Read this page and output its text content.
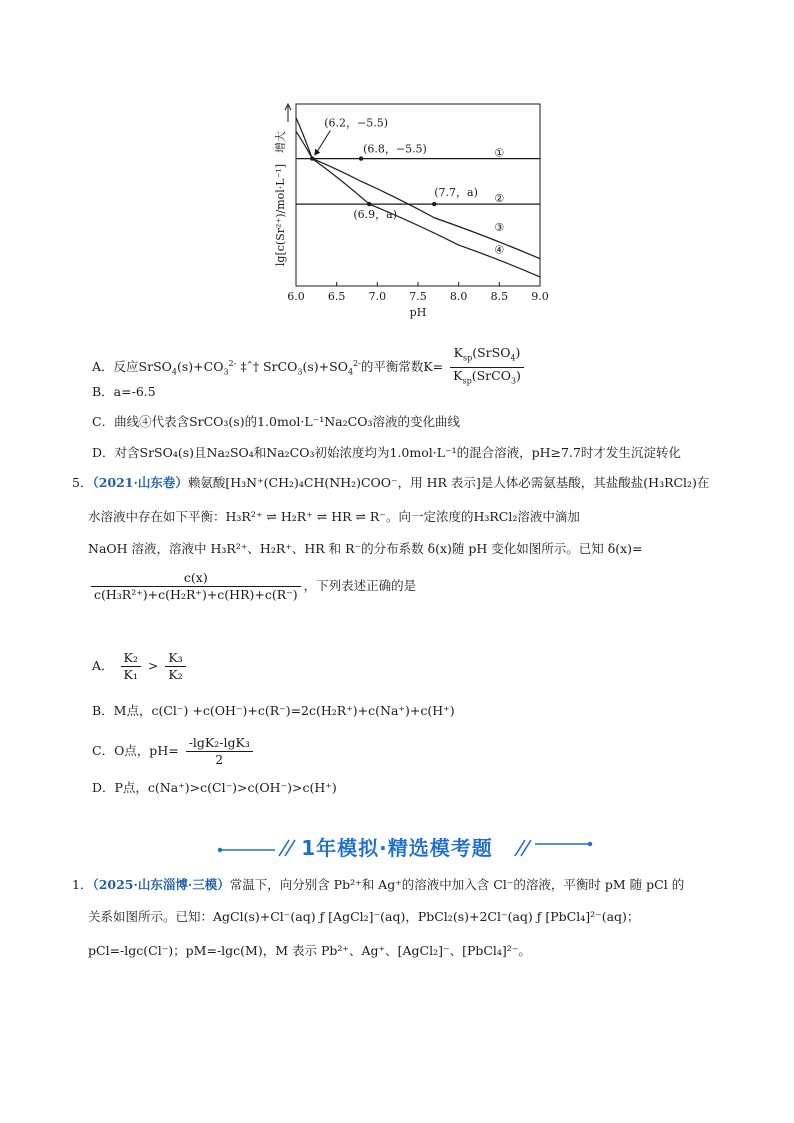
6.0 6.5 7.0 7.5 8.0 8.5 9.0
pH
lg[c(Sr²⁺)/mol·L⁻¹]
增大
①
②
③
④
(6.2，−5.5)
(6.8，−5.5)
(7.7，a)
(6.9，a)
A．反应$SrSO_4(s)+CO_3^{2-}$ ‡ˆ† $SrCO_3(s)+SO_4^{2-}$的平衡常数$K= \frac{K_{sp}(SrSO_4)}{K_{sp}(SrCO_3)}$
B．a=-6.5
C．曲线④代表含SrCO₃(s)的1.0mol·L⁻¹Na₂CO₃溶液的变化曲线
D．对含SrSO₄(s)且Na₂SO₄和Na₂CO₃初始浓度均为1.0mol·L⁻¹的混合溶液，pH≥7.7时才发生沉淀转化
5．（2021·山东卷）赖氨酸[H₃N⁺(CH₂)₄CH(NH₂)COO⁻，用 HR 表示]是人体必需氨基酸，其盐酸盐(H₃RCl₂)在
水溶液中存在如下平衡：H₃R²⁺ ⇌ H₂R⁺ ⇌ HR ⇌ R⁻。向一定浓度的H₃RCl₂溶液中滴加
NaOH 溶液，溶液中 H₃R²⁺、H₂R⁺、HR 和 R⁻的分布系数 δ(x)随 pH 变化如图所示。已知 δ(x)=
$\frac{c(x)}{\text{c(H₃R²⁺)+c(H₂R⁺)+c(HR)+c(R⁻)}}$ ，下列表述正确的是
A． $\frac{\text{K₂}}{\text{K₁}} > \frac{\text{K₃}}{\text{K₂}}$
B．M点，c(Cl⁻) +c(OH⁻)+c(R⁻)=2c(H₂R⁺)+c(Na⁺)+c(H⁺)
C．O点，$pH= \frac{\text{-lgK₂-lgK₃}}{2}$
D．P点，c(Na⁺)>c(Cl⁻)>c(OH⁻)>c(H⁺)
1年模拟·精选模考题
1．（2025·山东淄博·三模）常温下，向分别含 Pb²⁺和 Ag⁺的溶液中加入含 Cl⁻的溶液，平衡时 pM 随 pCl 的
关系如图所示。已知：AgCl(s)+Cl⁻(aq) ƒ [AgCl₂]⁻(aq)，PbCl₂(s)+2Cl⁻(aq) ƒ [PbCl₄]²⁻(aq)；
pCl=-lgc(Cl⁻)；pM=-lgc(M)，M 表示 Pb²⁺、Ag⁺、[AgCl₂]⁻、[PbCl₄]²⁻。
